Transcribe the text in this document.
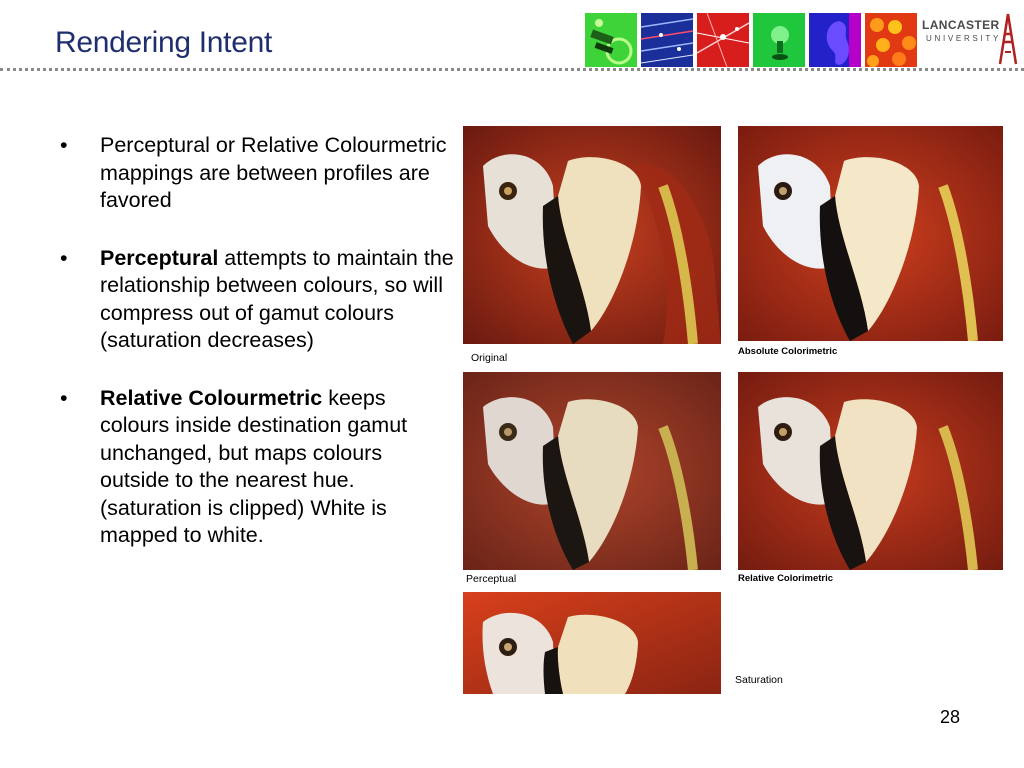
Rendering Intent
LANCASTER
UNIVERSITY
• Perceptural or Relative Colourmetric mappings are between profiles are favored
• Perceptural attempts to maintain the relationship between colours, so will compress out of gamut colours (saturation decreases)
• Relative Colourmetric keeps colours inside destination gamut unchanged, but maps colours outside to the nearest hue. (saturation is clipped) White is mapped to white.
Original
Absolute Colorimetric
Perceptual	Relative Colorimetric
Saturation
28
